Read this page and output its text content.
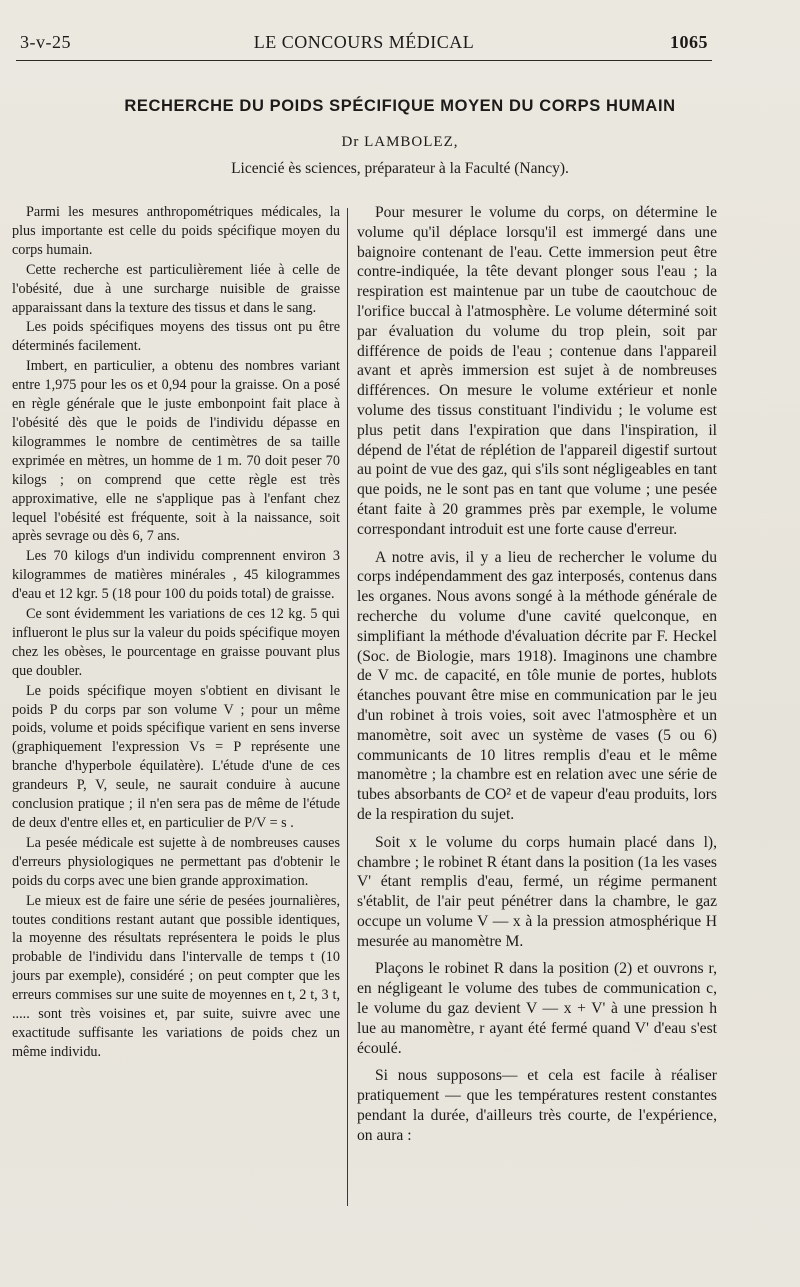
3-v-25	LE CONCOURS MÉDICAL	1065
RECHERCHE DU POIDS SPÉCIFIQUE MOYEN DU CORPS HUMAIN
Dr LAMBOLEZ,
Licencié ès sciences, préparateur à la Faculté (Nancy).

Parmi les mesures anthropométriques médicales, la plus importante est celle du poids spécifique moyen du corps humain.

Cette recherche est particulièrement liée à celle de l'obésité, due à une surcharge nuisible de graisse apparaissant dans la texture des tissus et dans le sang.

Les poids spécifiques moyens des tissus ont pu être déterminés facilement.

Imbert, en particulier, a obtenu des nombres variant entre 1,975 pour les os et 0,94 pour la graisse. On a posé en règle générale que le juste embonpoint fait place à l'obésité dès que le poids de l'individu dépasse en kilogrammes le nombre de centimètres de sa taille exprimée en mètres, un homme de 1 m. 70 doit peser 70 kilogs ; on comprend que cette règle est très approximative, elle ne s'applique pas à l'enfant chez lequel l'obésité est fréquente, soit à la naissance, soit après sevrage ou dès 6, 7 ans.

Les 70 kilogs d'un individu comprennent environ 3 kilogrammes de matières minérales , 45 kilogrammes d'eau et 12 kgr. 5 (18 pour 100 du poids total) de graisse.

Ce sont évidemment les variations de ces 12 kg. 5 qui influeront le plus sur la valeur du poids spécifique moyen chez les obèses, le pourcentage en graisse pouvant plus que doubler.

Le poids spécifique moyen s'obtient en divisant le poids P du corps par son volume V ; pour un même poids, volume et poids spécifique varient en sens inverse (graphiquement l'expression Vs = P représente une branche d'hyperbole équilatère). L'étude d'une de ces grandeurs P, V, seule, ne saurait conduire à aucune conclusion pratique ; il n'en sera pas de même de l'étude de deux d'entre elles et, en particulier de P/V = s .

La pesée médicale est sujette à de nombreuses causes d'erreurs physiologiques ne permettant pas d'obtenir le poids du corps avec une bien grande approximation.

Le mieux est de faire une série de pesées journalières, toutes conditions restant autant que possible identiques, la moyenne des résultats représentera le poids le plus probable de l'individu dans l'intervalle de temps t (10 jours par exemple), considéré ; on peut compter que les erreurs commises sur une suite de moyennes en t, 2 t, 3 t, ..... sont très voisines et, par suite, suivre avec une exactitude suffisante les variations de poids chez un même individu.

Pour mesurer le volume du corps, on détermine le volume qu'il déplace lorsqu'il est immergé dans une baignoire contenant de l'eau. Cette immersion peut être contre-indiquée, la tête devant plonger sous l'eau ; la respiration est maintenue par un tube de caoutchouc de l'orifice buccal à l'atmosphère. Le volume déterminé soit par évaluation du volume du trop plein, soit par différence de poids de l'eau ; contenue dans l'appareil avant et après immersion est sujet à de nombreuses différences. On mesure le volume extérieur et nonle volume des tissus constituant l'individu ; le volume est plus petit dans l'expiration que dans l'inspiration, il dépend de l'état de réplétion de l'appareil digestif surtout au point de vue des gaz, qui s'ils sont négligeables en tant que poids, ne le sont pas en tant que volume ; une pesée étant faite à 20 grammes près par exemple, le volume correspondant introduit est une forte cause d'erreur.

A notre avis, il y a lieu de rechercher le volume du corps indépendamment des gaz interposés, contenus dans les organes. Nous avons songé à la méthode générale de recherche du volume d'une cavité quelconque, en simplifiant la méthode d'évaluation décrite par F. Heckel (Soc. de Biologie, mars 1918). Imaginons une chambre de V mc. de capacité, en tôle munie de portes, hublots étanches pouvant être mise en communication par le jeu d'un robinet à trois voies, soit avec l'atmosphère et un manomètre, soit avec un système de vases (5 ou 6) communicants de 10 litres remplis d'eau et le même manomètre ; la chambre est en relation avec une série de tubes absorbants de CO² et de vapeur d'eau produits, lors de la respiration du sujet.

Soit x le volume du corps humain placé dans l), chambre ; le robinet R étant dans la position (1a les vases V' étant remplis d'eau, fermé, un régime permanent s'établit, de l'air peut pénétrer dans la chambre, le gaz occupe un volume V — x à la pression atmosphérique H mesurée au manomètre M.

Plaçons le robinet R dans la position (2) et ouvrons r, en négligeant le volume des tubes de communication c, le volume du gaz devient V — x + V' à une pression h lue au manomètre, r ayant été fermé quand V' d'eau s'est écoulé.

Si nous supposons— et cela est facile à réaliser pratiquement — que les températures restent constantes pendant la durée, d'ailleurs très courte, de l'expérience, on aura :
